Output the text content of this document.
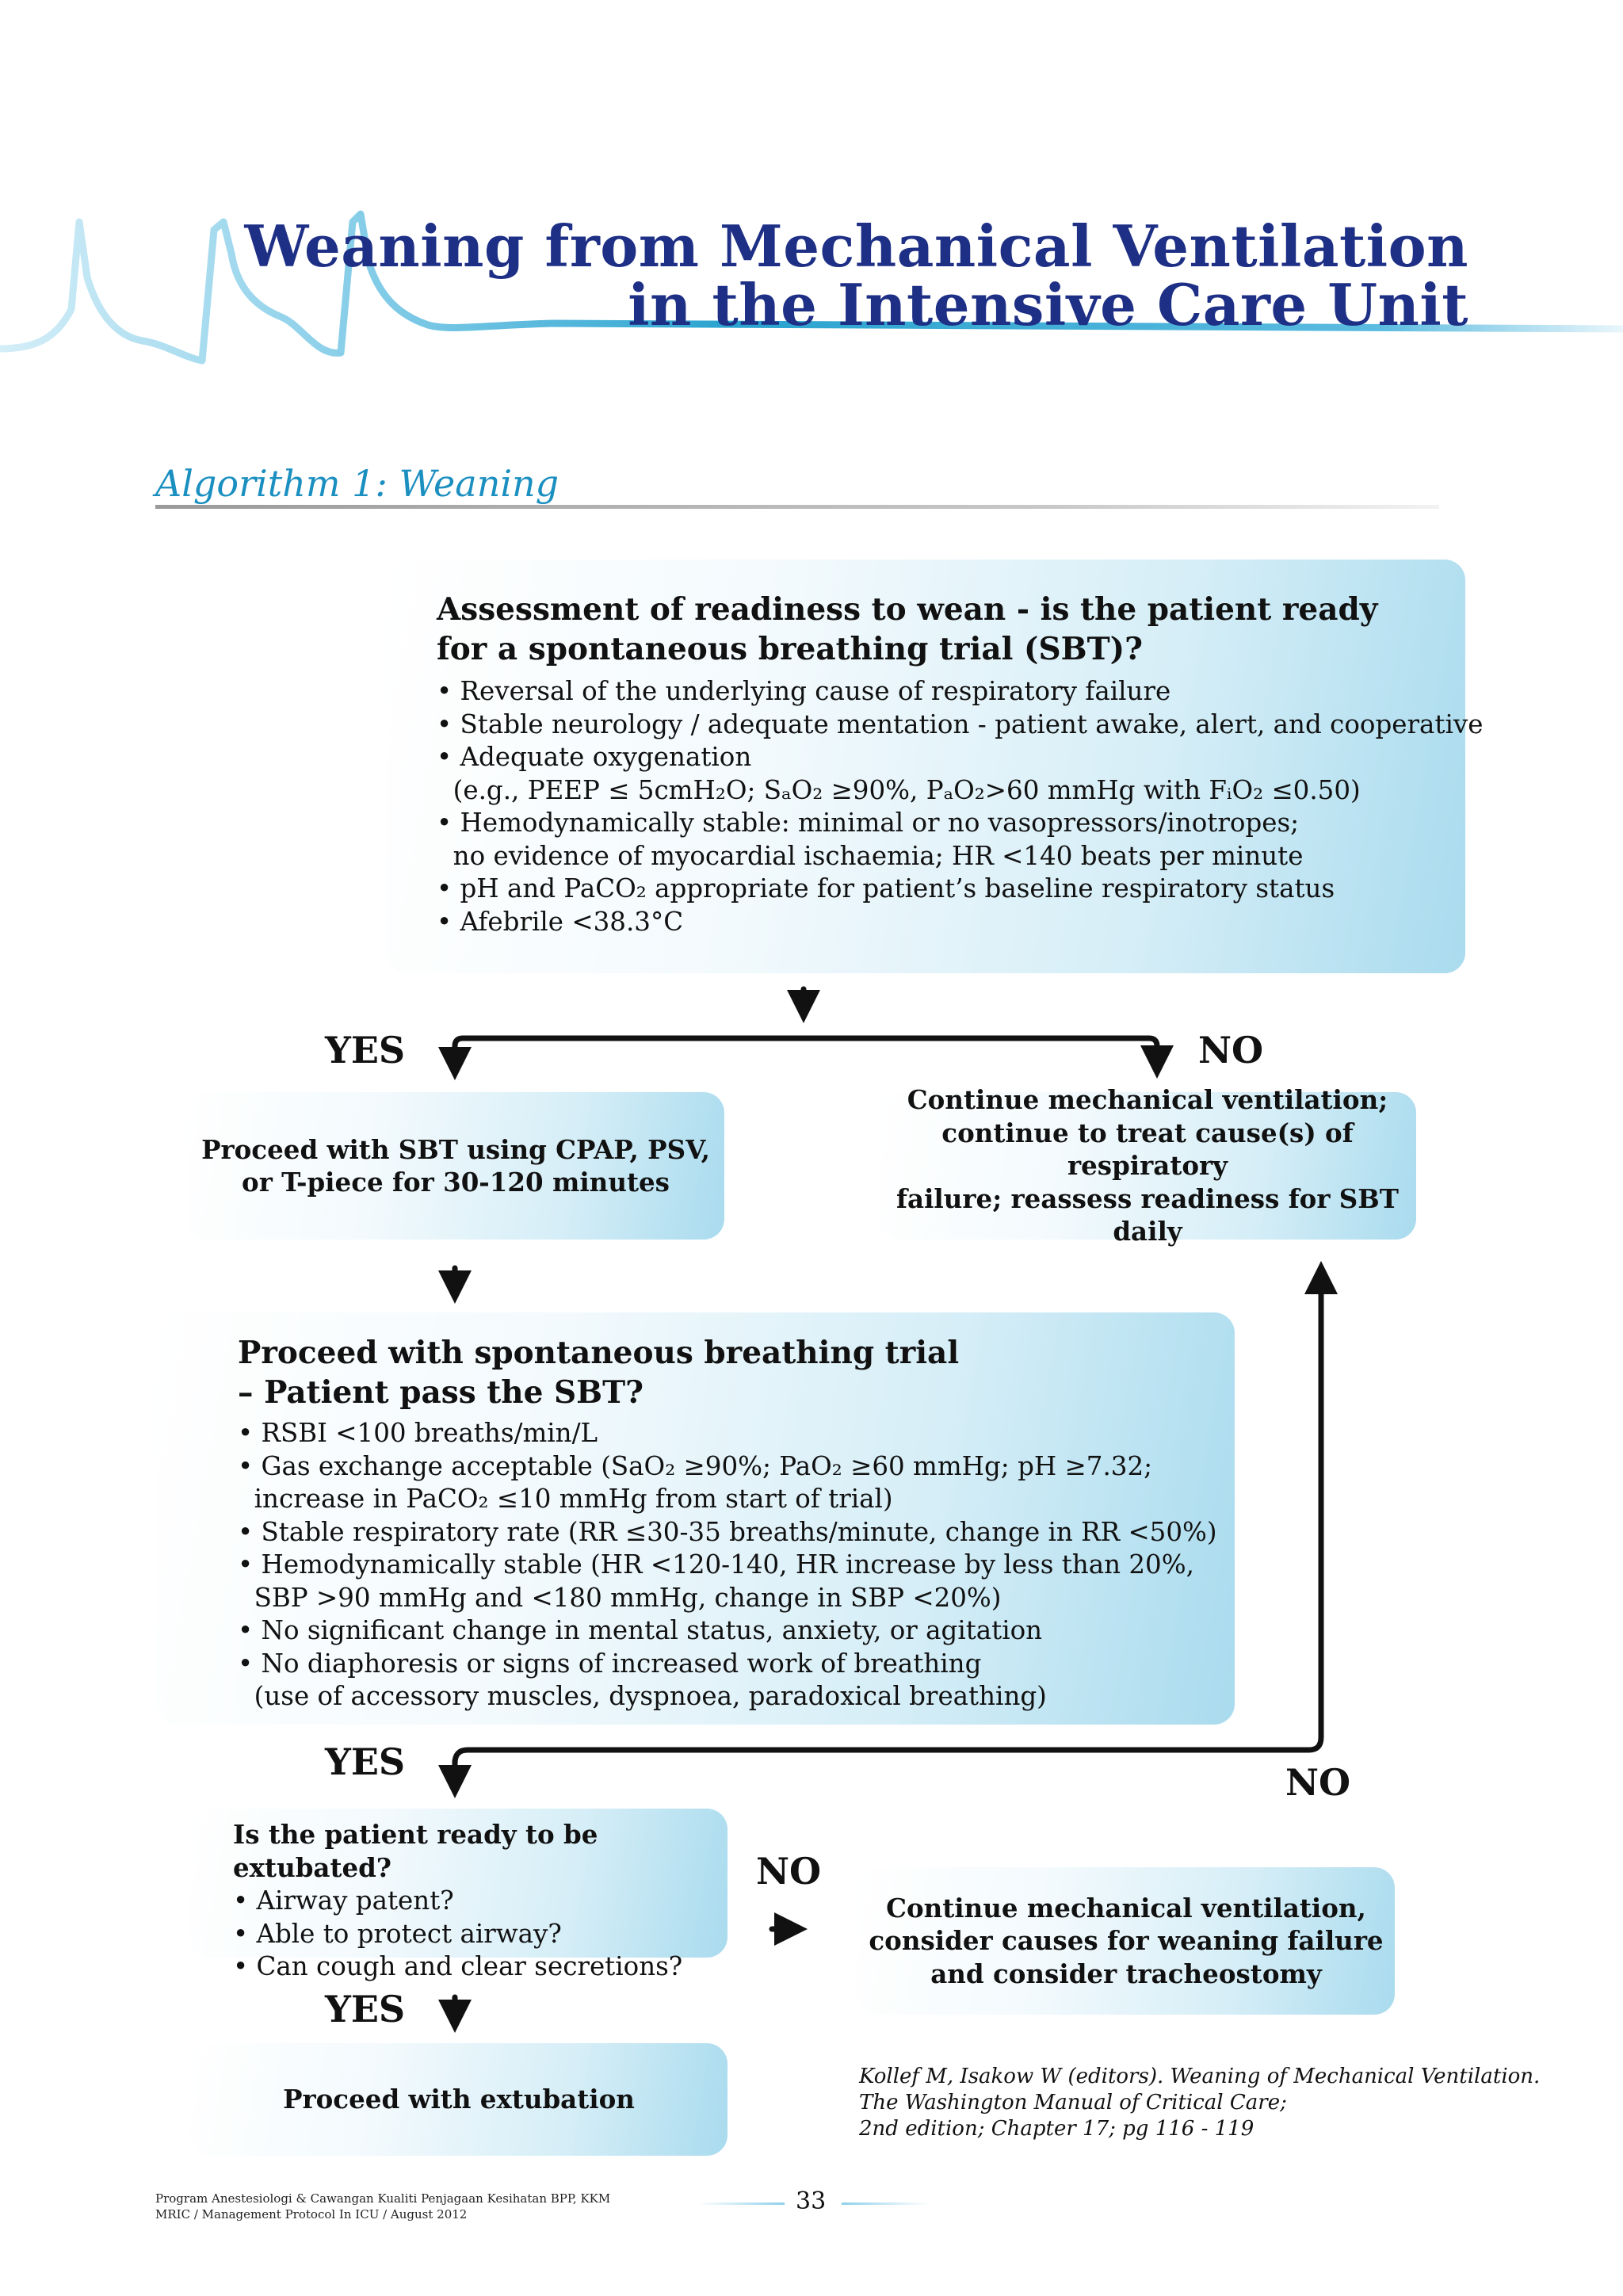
Weaning from Mechanical Ventilation
in the Intensive Care Unit
Algorithm 1: Weaning
Assessment of readiness to wean - is the patient ready
for a spontaneous breathing trial (SBT)?
• Reversal of the underlying cause of respiratory failure
• Stable neurology / adequate mentation - patient awake, alert, and cooperative
• Adequate oxygenation
(e.g., PEEP ≤ 5cmH₂O; SₐO₂ ≥90%, PₐO₂>60 mmHg with FᵢO₂ ≤0.50)
• Hemodynamically stable: minimal or no vasopressors/inotropes;
no evidence of myocardial ischaemia; HR <140 beats per minute
• pH and PaCO₂ appropriate for patient’s baseline respiratory status
• Afebrile <38.3°C
YES	NO
Proceed with SBT using CPAP, PSV,
or T-piece for 30-120 minutes
Continue mechanical ventilation;
continue to treat cause(s) of respiratory
failure; reassess readiness for SBT daily
Proceed with spontaneous breathing trial
– Patient pass the SBT?
• RSBI <100 breaths/min/L
• Gas exchange acceptable (SaO₂ ≥90%; PaO₂ ≥60 mmHg; pH ≥7.32;
increase in PaCO₂ ≤10 mmHg from start of trial)
• Stable respiratory rate (RR ≤30-35 breaths/minute, change in RR <50%)
• Hemodynamically stable (HR <120-140, HR increase by less than 20%,
SBP >90 mmHg and <180 mmHg, change in SBP <20%)
• No significant change in mental status, anxiety, or agitation
• No diaphoresis or signs of increased work of breathing
(use of accessory muscles, dyspnoea, paradoxical breathing)
YES	NO
Is the patient ready to be extubated?
• Airway patent?
• Able to protect airway?
• Can cough and clear secretions?
NO
Continue mechanical ventilation,
consider causes for weaning failure
and consider tracheostomy
YES
Proceed with extubation
Kollef M, Isakow W (editors). Weaning of Mechanical Ventilation.
The Washington Manual of Critical Care;
2nd edition; Chapter 17; pg 116 - 119
Program Anestesiologi & Cawangan Kualiti Penjagaan Kesihatan BPP, KKM
MRIC / Management Protocol In ICU / August 2012	33
